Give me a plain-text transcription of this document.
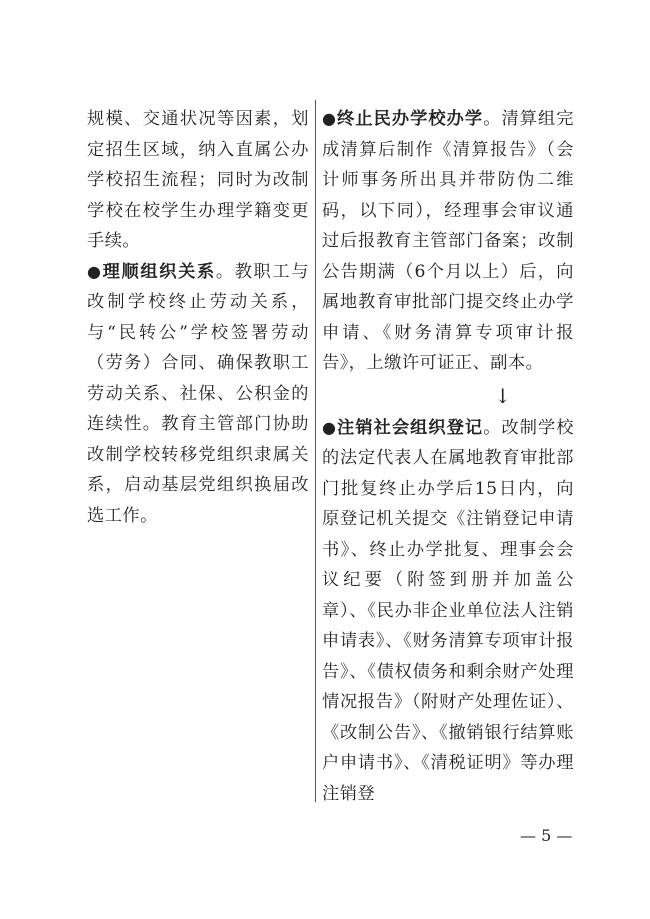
规模、交通状况等因素，划定招生区域，纳入直属公办学校招生流程；同时为改制学校在校学生办理学籍变更手续。

●理顺组织关系。教职工与改制学校终止劳动关系，与“民转公”学校签署劳动（劳务）合同、确保教职工劳动关系、社保、公积金的连续性。教育主管部门协助改制学校转移党组织隶属关系，启动基层党组织换届改选工作。

●终止民办学校办学。清算组完成清算后制作《清算报告》（会计师事务所出具并带防伪二维码，以下同），经理事会审议通过后报教育主管部门备案；改制公告期满（6个月以上）后，向属地教育审批部门提交终止办学申请、《财务清算专项审计报告》，上缴许可证正、副本。

↓

●注销社会组织登记。改制学校的法定代表人在属地教育审批部门批复终止办学后15日内，向原登记机关提交《注销登记申请书》、终止办学批复、理事会会议纪要（附签到册并加盖公章）、《民办非企业单位法人注销申请表》、《财务清算专项审计报告》、《债权债务和剩余财产处理情况报告》（附财产处理佐证）、《改制公告》、《撤销银行结算账户申请书》、《清税证明》等办理注销登

— 5 —
